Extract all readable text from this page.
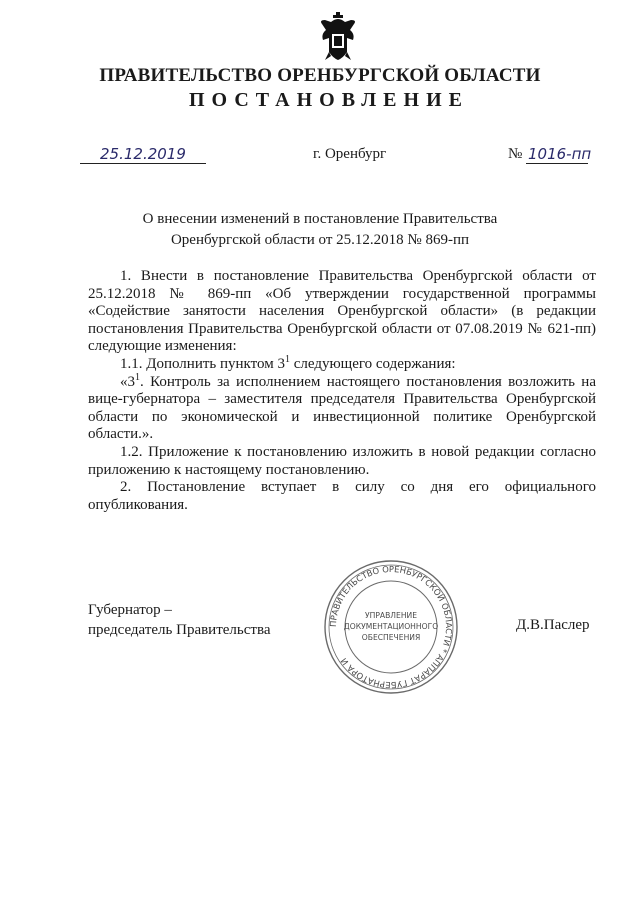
ПРАВИТЕЛЬСТВО ОРЕНБУРГСКОЙ ОБЛАСТИ
ПОСТАНОВЛЕНИЕ
25.12.2019	г. Оренбург	№ 1016-пп
О внесении изменений в постановление Правительства
Оренбургской области от 25.12.2018 № 869-пп

1. Внести в постановление Правительства Оренбургской области от 25.12.2018 № 869-пп «Об утверждении государственной программы «Содействие занятости населения Оренбургской области» (в редакции постановления Правительства Оренбургской области от 07.08.2019 № 621-пп) следующие изменения:

1.1. Дополнить пунктом $3^1$ следующего содержания:

«$3^1$. Контроль за исполнением настоящего постановления возложить на вице-губернатора – заместителя председателя Правительства Оренбургской области по экономической и инвестиционной политике Оренбургской области.».

1.2. Приложение к постановлению изложить в новой редакции согласно приложению к настоящему постановлению.

2. Постановление вступает в силу со дня его официального опубликования.

Губернатор –
председатель Правительства	Д.В.Паслер
ПРАВИТЕЛЬСТВО ОРЕНБУРГСКОЙ ОБЛАСТИ * АППАРАТ ГУБЕРНАТОРА И
УПРАВЛЕНИЕ
ДОКУМЕНТАЦИОННОГО
ОБЕСПЕЧЕНИЯ
